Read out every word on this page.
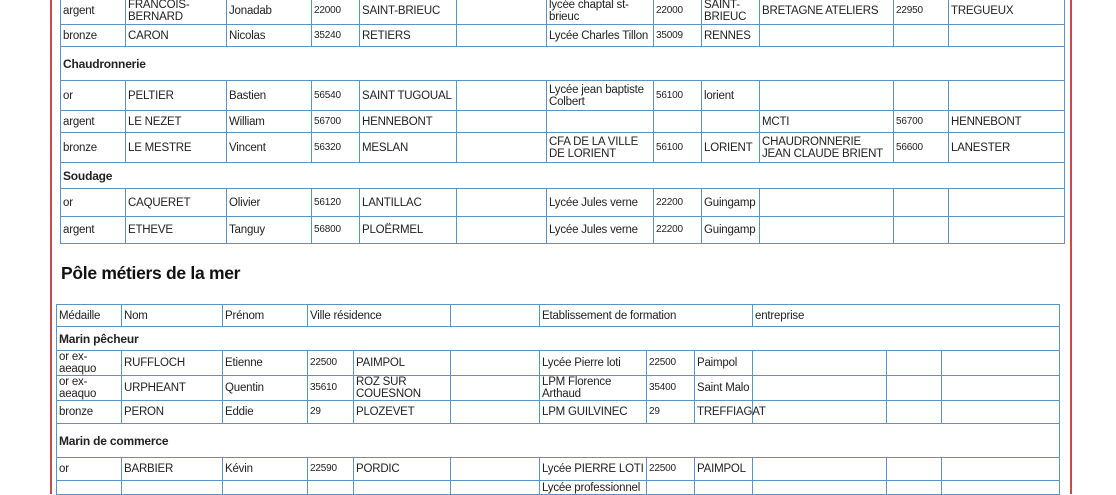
argent	FRANCOIS-BERNARD	Jonadab	22000	SAINT-BRIEUC		lycée chaptal st-brieuc	22000	SAINT-BRIEUC	BRETAGNE ATELIERS	22950	TREGUEUX
bronze	CARON	Nicolas	35240	RETIERS		Lycée Charles Tillon	35009	RENNES			
Chaudronnerie											
or	PELTIER	Bastien	56540	SAINT TUGOUAL		Lycée jean baptiste Colbert	56100	lorient			
argent	LE NEZET	William	56700	HENNEBONT					MCTI	56700	HENNEBONT
bronze	LE MESTRE	Vincent	56320	MESLAN		CFA DE LA VILLE DE LORIENT	56100	LORIENT	CHAUDRONNERIE JEAN CLAUDE BRIENT	56600	LANESTER
Soudage											
or	CAQUERET	Olivier	56120	LANTILLAC		Lycée Jules verne	22200	Guingamp			
argent	ETHEVE	Tanguy	56800	PLOËRMEL		Lycée Jules verne	22200	Guingamp			
Pôle métiers de la mer
Médaille	Nom	Prénom	Ville résidence			Etablissement de formation			entreprise		
Marin pêcheur											
or ex-aeaquo	RUFFLOCH	Etienne	22500	PAIMPOL		Lycée Pierre loti	22500	Paimpol			
or ex-aeaquo	URPHEANT	Quentin	35610	ROZ SUR COUESNON		LPM Florence Arthaud	35400	Saint Malo			
bronze	PERON	Eddie	29	PLOZEVET		LPM GUILVINEC	29	TREFFIAGAT			
Marin de commerce											
or	BARBIER	Kévin	22590	PORDIC		Lycée PIERRE LOTI	22500	PAIMPOL			
						Lycée professionnel					
